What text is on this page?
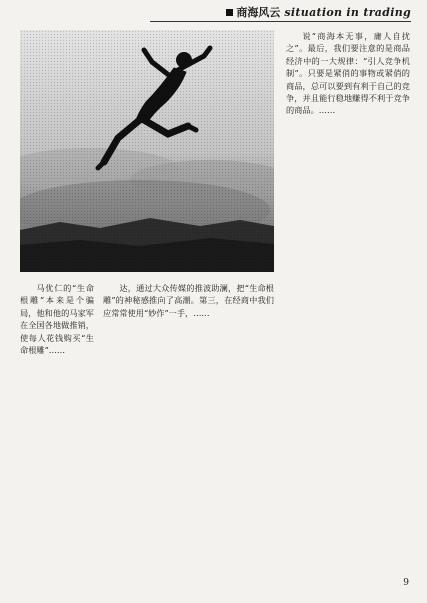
商海风云 situation in trading

马优仁的“生命根雕”本来是个骗局，他和他的马家军在全国各地做推销，使每人花钱购买“生命根雕”……

达，通过大众传媒的推波助澜，把“生命根雕”的神秘感推向了高潮。第三，在经商中我们应常常使用“妙作”一手，……

说“商海本无事，庸人自扰之”。最后，我们要注意的是商品经济中的一大规律：“引人竞争机制”。只要是紧俏的事物或紧俏的商品，总可以要到有利于自己的竞争，并且能行稳地赚得不利于竞争的商品。……

9
